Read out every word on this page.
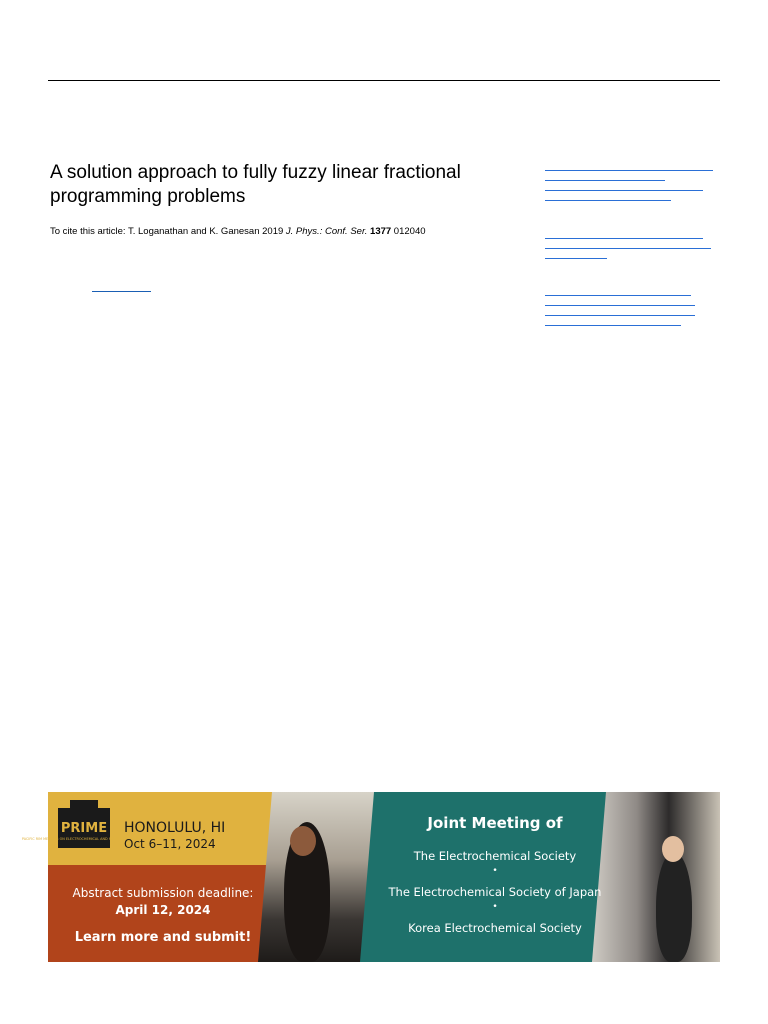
A solution approach to fully fuzzy linear fractional programming problems
To cite this article: T. Loganathan and K. Ganesan 2019 J. Phys.: Conf. Ser. 1377 012040
PRIME
PACIFIC RIM MEETING ON ELECTROCHEMICAL AND SOLID STATE SCIENCE
HONOLULU, HI
Oct 6–11, 2024
Abstract submission deadline:
April 12, 2024
Learn more and submit!
Joint Meeting of
The Electrochemical Society
•
The Electrochemical Society of Japan
•
Korea Electrochemical Society
